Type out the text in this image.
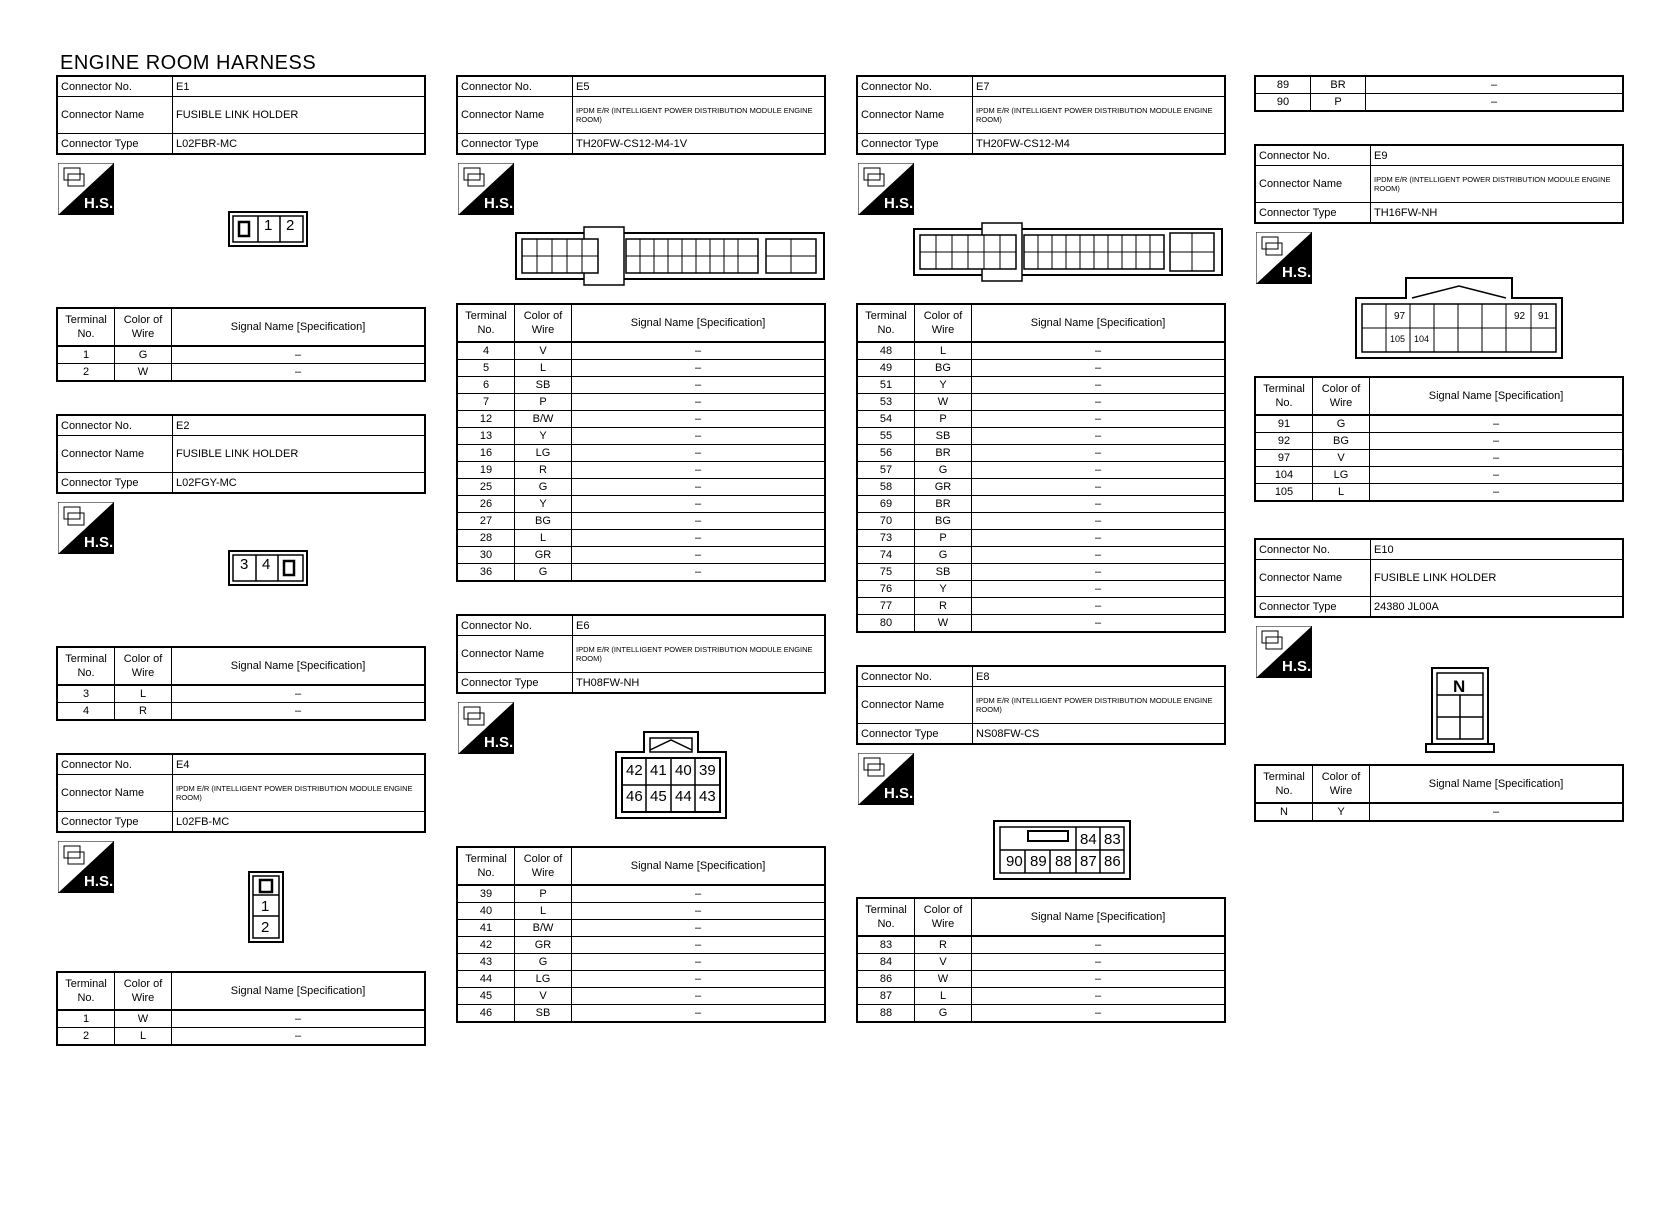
ENGINE ROOM HARNESS
Connector No.	E1
Connector Name	FUSIBLE LINK HOLDER
Connector Type	L02FBR-MC
H.S.
1 2
Terminal No.	Color of Wire	Signal Name [Specification]
1	G	–
2	W	–
Connector No.	E2
Connector Name	FUSIBLE LINK HOLDER
Connector Type	L02FGY-MC
H.S.
3 4
Terminal No.	Color of Wire	Signal Name [Specification]
3	L	–
4	R	–
Connector No.	E4
Connector Name	IPDM E/R (INTELLIGENT POWER DISTRIBUTION MODULE ENGINE ROOM)
Connector Type	L02FB-MC
H.S.
1
2
Terminal No.	Color of Wire	Signal Name [Specification]
1	W	–
2	L	–
Connector No.	E5
Connector Name	IPDM E/R (INTELLIGENT POWER DISTRIBUTION MODULE ENGINE ROOM)
Connector Type	TH20FW-CS12-M4-1V
H.S.
Terminal No.	Color of Wire	Signal Name [Specification]
4	V	–
5	L	–
6	SB	–
7	P	–
12	B/W	–
13	Y	–
16	LG	–
19	R	–
25	G	–
26	Y	–
27	BG	–
28	L	–
30	GR	–
36	G	–
Connector No.	E6
Connector Name	IPDM E/R (INTELLIGENT POWER DISTRIBUTION MODULE ENGINE ROOM)
Connector Type	TH08FW-NH
H.S.
42 41 40 39
46 45 44 43
Terminal No.	Color of Wire	Signal Name [Specification]
39	P	–
40	L	–
41	B/W	–
42	GR	–
43	G	–
44	LG	–
45	V	–
46	SB	–
Connector No.	E7
Connector Name	IPDM E/R (INTELLIGENT POWER DISTRIBUTION MODULE ENGINE ROOM)
Connector Type	TH20FW-CS12-M4
H.S.
Terminal No.	Color of Wire	Signal Name [Specification]
48	L	–
49	BG	–
51	Y	–
53	W	–
54	P	–
55	SB	–
56	BR	–
57	G	–
58	GR	–
69	BR	–
70	BG	–
73	P	–
74	G	–
75	SB	–
76	Y	–
77	R	–
80	W	–
Connector No.	E8
Connector Name	IPDM E/R (INTELLIGENT POWER DISTRIBUTION MODULE ENGINE ROOM)
Connector Type	NS08FW-CS
H.S.
84 83
90 89 88 87 86
Terminal No.	Color of Wire	Signal Name [Specification]
83	R	–
84	V	–
86	W	–
87	L	–
88	G	–
89	BR	–
90	P	–
Connector No.	E9
Connector Name	IPDM E/R (INTELLIGENT POWER DISTRIBUTION MODULE ENGINE ROOM)
Connector Type	TH16FW-NH
H.S.
97	92 91
105 104
Terminal No.	Color of Wire	Signal Name [Specification]
91	G	–
92	BG	–
97	V	–
104	LG	–
105	L	–
Connector No.	E10
Connector Name	FUSIBLE LINK HOLDER
Connector Type	24380 JL00A
H.S.
N
Terminal No.	Color of Wire	Signal Name [Specification]
N	Y	–
